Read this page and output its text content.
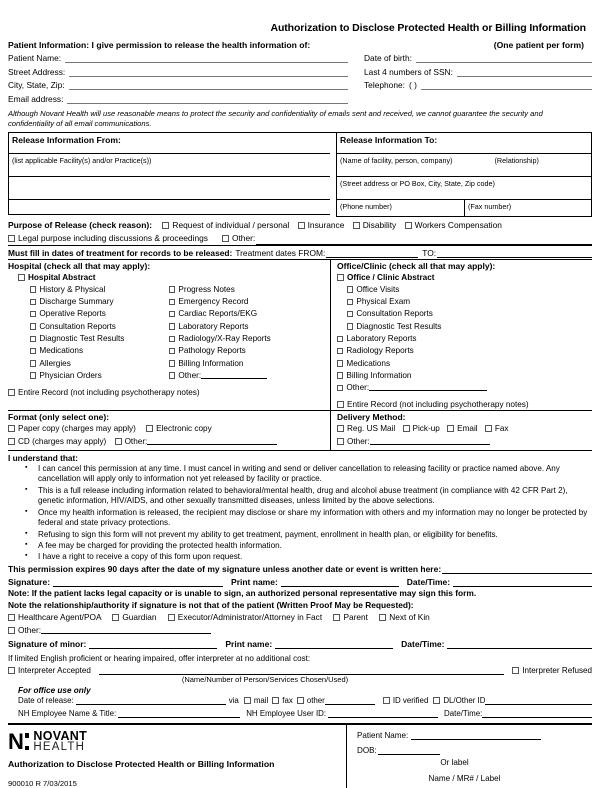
Authorization to Disclose Protected Health or Billing Information
Patient Information: I give permission to release the health information of:	(One patient per form)
Patient Name:
Street Address:
City, State, Zip:
Email address:
Date of birth:
Last 4 numbers of SSN:
Telephone: ( )
Although Novant Health will use reasonable means to protect the security and confidentiality of emails sent and received, we cannot guarantee the security and confidentiality of all email communications.
Release Information From:
(list applicable Facility(s) and/or Practice(s))
Release Information To:
(Name of facility, person, company)	(Relationship)
(Street address or PO Box, City, State, Zip code)
(Phone number)	(Fax number)
Purpose of Release (check reason): Request of individual / personal Insurance Disability Workers Compensation
Legal purpose including discussions & proceedings	Other:
Must fill in dates of treatment for records to be released: Treatment dates FROM:	TO:
Hospital (check all that may apply):
Hospital Abstract
History & Physical
Discharge Summary
Operative Reports
Consultation Reports
Diagnostic Test Results
Medications
Allergies
Physician Orders
Progress Notes
Emergency Record
Cardiac Reports/EKG
Laboratory Reports
Radiology/X-Ray Reports
Pathology Reports
Billing Information
Other:
Entire Record (not including psychotherapy notes)
Office/Clinic (check all that may apply):
Office / Clinic Abstract
Office Visits
Physical Exam
Consultation Reports
Diagnostic Test Results
Laboratory Reports
Radiology Reports
Medications
Billing Information
Other:
Entire Record (not including psychotherapy notes)
Format (only select one):
Paper copy (charges may apply) Electronic copy
CD (charges may apply) Other:
Delivery Method:
Reg. US Mail Pick-up Email Fax
Other:
I understand that:
▪ I can cancel this permission at any time. I must cancel in writing and send or deliver cancellation to releasing facility or practice named above. Any cancellation will apply only to information not yet released by facility or practice.
▪ This is a full release including information related to behavioral/mental health, drug and alcohol abuse treatment (in compliance with 42 CFR Part 2), genetic information, HIV/AIDS, and other sexually transmitted diseases, unless limited by the above selections.
▪ Once my health information is released, the recipient may disclose or share my information with others and my information may no longer be protected by federal and state privacy protections.
▪ Refusing to sign this form will not prevent my ability to get treatment, payment, enrollment in health plan, or eligibility for benefits.
▪ A fee may be charged for providing the protected health information.
▪ I have a right to receive a copy of this form upon request.
This permission expires 90 days after the date of my signature unless another date or event is written here:
Signature:	Print name:	Date/Time:
Note: If the patient lacks legal capacity or is unable to sign, an authorized personal representative may sign this form.
Note the relationship/authority if signature is not that of the patient (Written Proof May be Requested):
Healthcare Agent/POA	Guardian	Executor/Administrator/Attorney in Fact	Parent	Next of Kin
Other:
Signature of minor:	Print name:	Date/Time:
If limited English proficient or hearing impaired, offer interpreter at no additional cost:
Interpreter Accepted	Interpreter Refused
(Name/Number of Person/Services Chosen/Used)
For office use only
Date of release:	via	mail	fax	other	ID verified	DL/Other ID
NH Employee Name & Title:	NH Employee User ID:	Date/Time:
N NOVANT
HEALTH
Authorization to Disclose Protected Health or Billing Information
900010 R 7/03/2015
Patient Name:
DOB:
Or label
Name / MR# / Label
